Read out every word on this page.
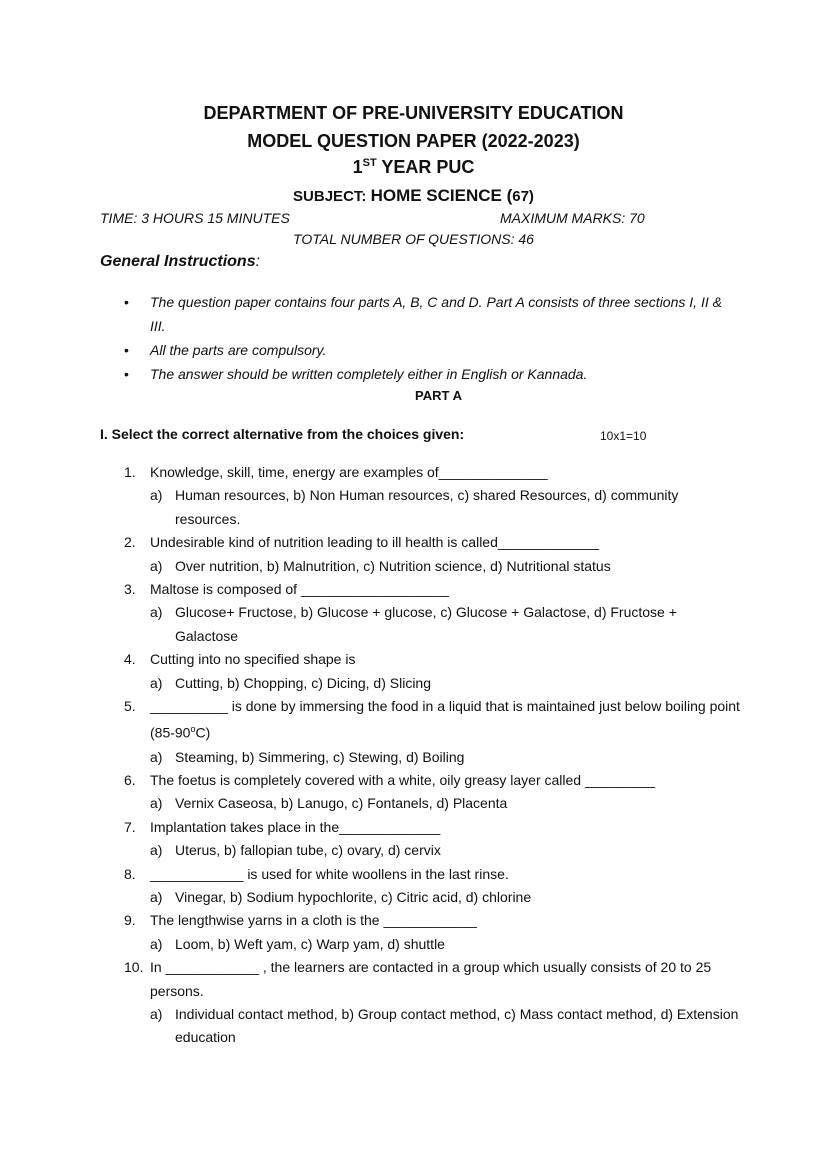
DEPARTMENT OF PRE-UNIVERSITY EDUCATION
MODEL QUESTION PAPER (2022-2023)
1ST YEAR PUC
SUBJECT: HOME SCIENCE (67)
TIME: 3 HOURS 15 MINUTES	MAXIMUM MARKS: 70
TOTAL NUMBER OF QUESTIONS: 46
General Instructions:
• The question paper contains four parts A, B, C and D. Part A consists of three sections I, II & III.
• All the parts are compulsory.
• The answer should be written completely either in English or Kannada.
PART A
I. Select the correct alternative from the choices given:	10x1=10
1.	Knowledge, skill, time, energy are examples of______________
a) Human resources, b) Non Human resources, c) shared Resources, d) community resources.
2.	Undesirable kind of nutrition leading to ill health is called_____________
a) Over nutrition, b) Malnutrition, c) Nutrition science, d) Nutritional status
3.	Maltose is composed of ___________________
a) Glucose+ Fructose, b) Glucose + glucose, c) Glucose + Galactose, d) Fructose + Galactose
4.	Cutting into no specified shape is
a) Cutting, b) Chopping, c) Dicing, d) Slicing
5.	__________ is done by immersing the food in a liquid that is maintained just below boiling point (85-90$^o$C)
a) Steaming, b) Simmering, c) Stewing, d) Boiling
6.	The foetus is completely covered with a white, oily greasy layer called _________
a) Vernix Caseosa, b) Lanugo, c) Fontanels, d) Placenta
7.	Implantation takes place in the_____________
a) Uterus, b) fallopian tube, c) ovary, d) cervix
8.	____________ is used for white woollens in the last rinse.
a) Vinegar, b) Sodium hypochlorite, c) Citric acid, d) chlorine
9.	The lengthwise yarns in a cloth is the ____________
a) Loom, b) Weft yam, c) Warp yam, d) shuttle
10. In ____________ , the learners are contacted in a group which usually consists of 20 to 25 persons.
a) Individual contact method, b) Group contact method, c) Mass contact method, d) Extension education
